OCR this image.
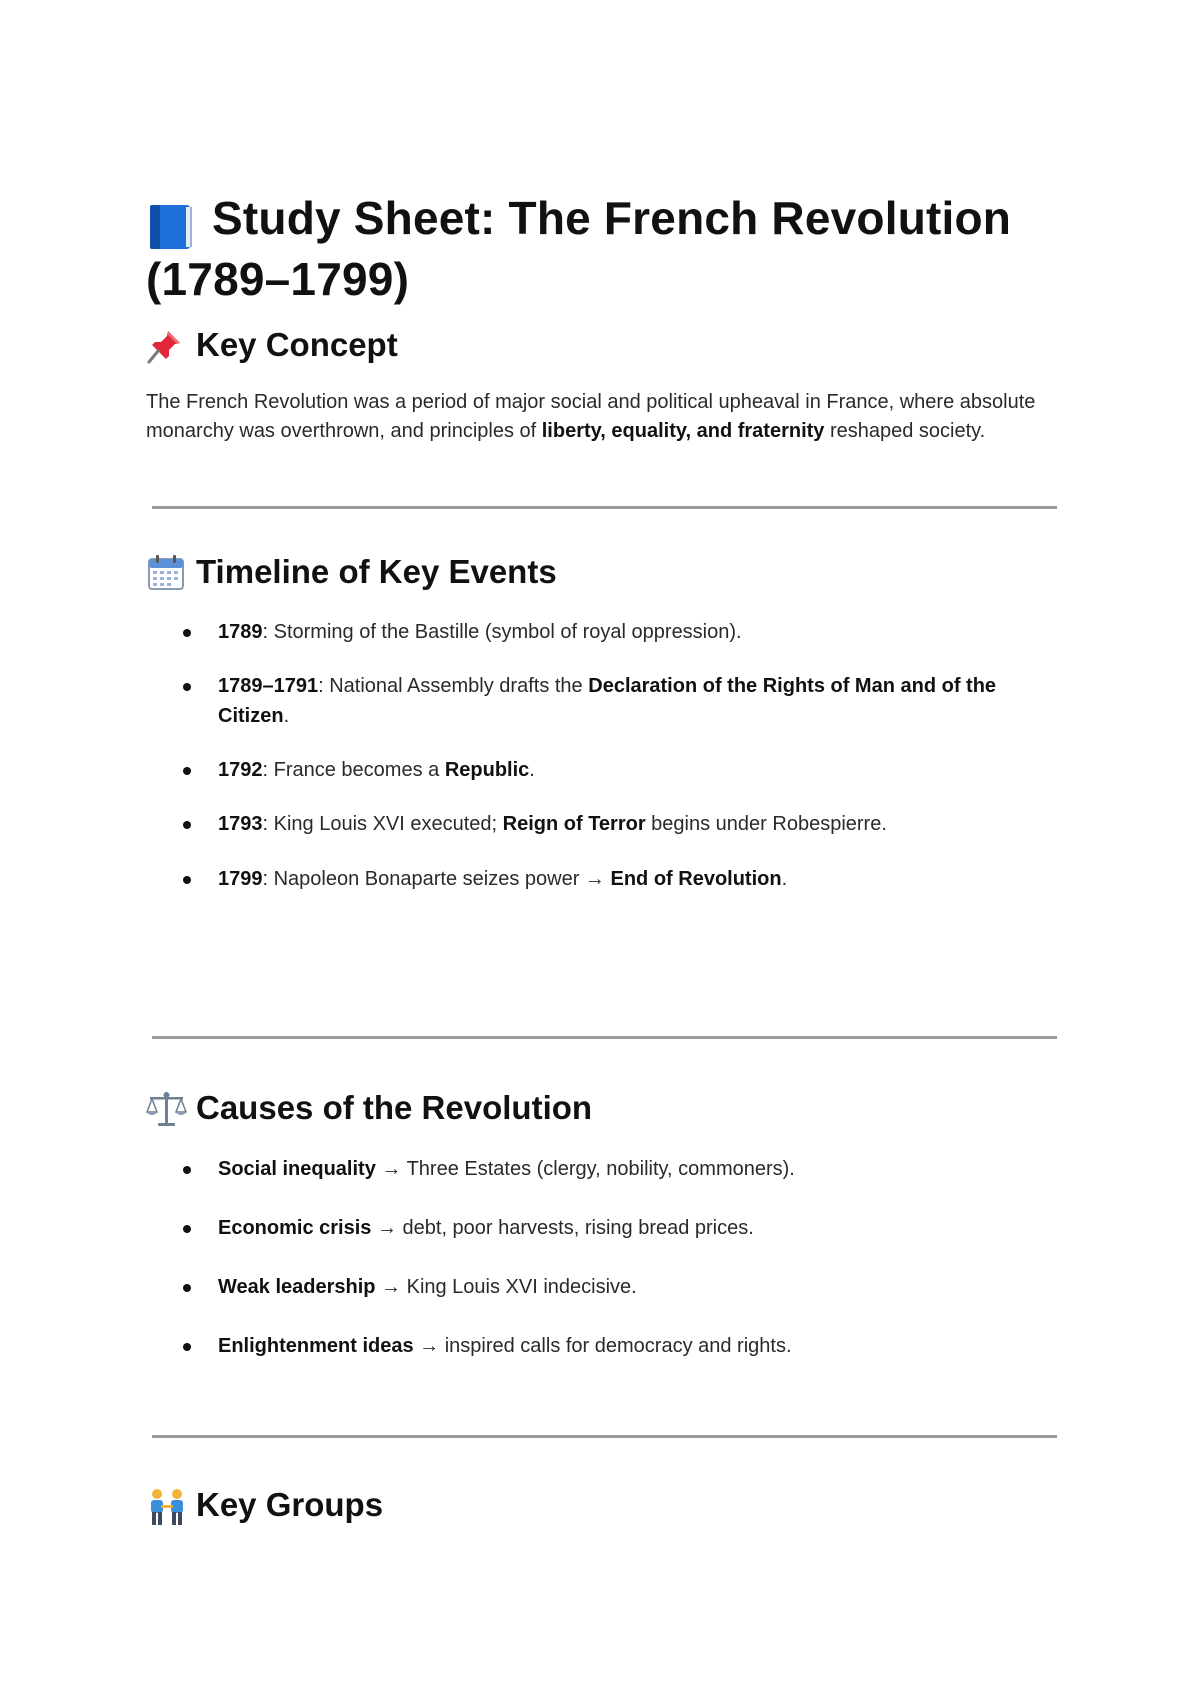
Study Sheet: The French Revolution (1789–1799)
Key Concept

The French Revolution was a period of major social and political upheaval in France, where absolute monarchy was overthrown, and principles of liberty, equality, and fraternity reshaped society.

Timeline of Key Events
1789: Storming of the Bastille (symbol of royal oppression).
1789–1791: National Assembly drafts the Declaration of the Rights of Man and of the Citizen.
1792: France becomes a Republic.
1793: King Louis XVI executed; Reign of Terror begins under Robespierre.
1799: Napoleon Bonaparte seizes power → End of Revolution.
Causes of the Revolution
Social inequality → Three Estates (clergy, nobility, commoners).
Economic crisis → debt, poor harvests, rising bread prices.
Weak leadership → King Louis XVI indecisive.
Enlightenment ideas → inspired calls for democracy and rights.
Key Groups
